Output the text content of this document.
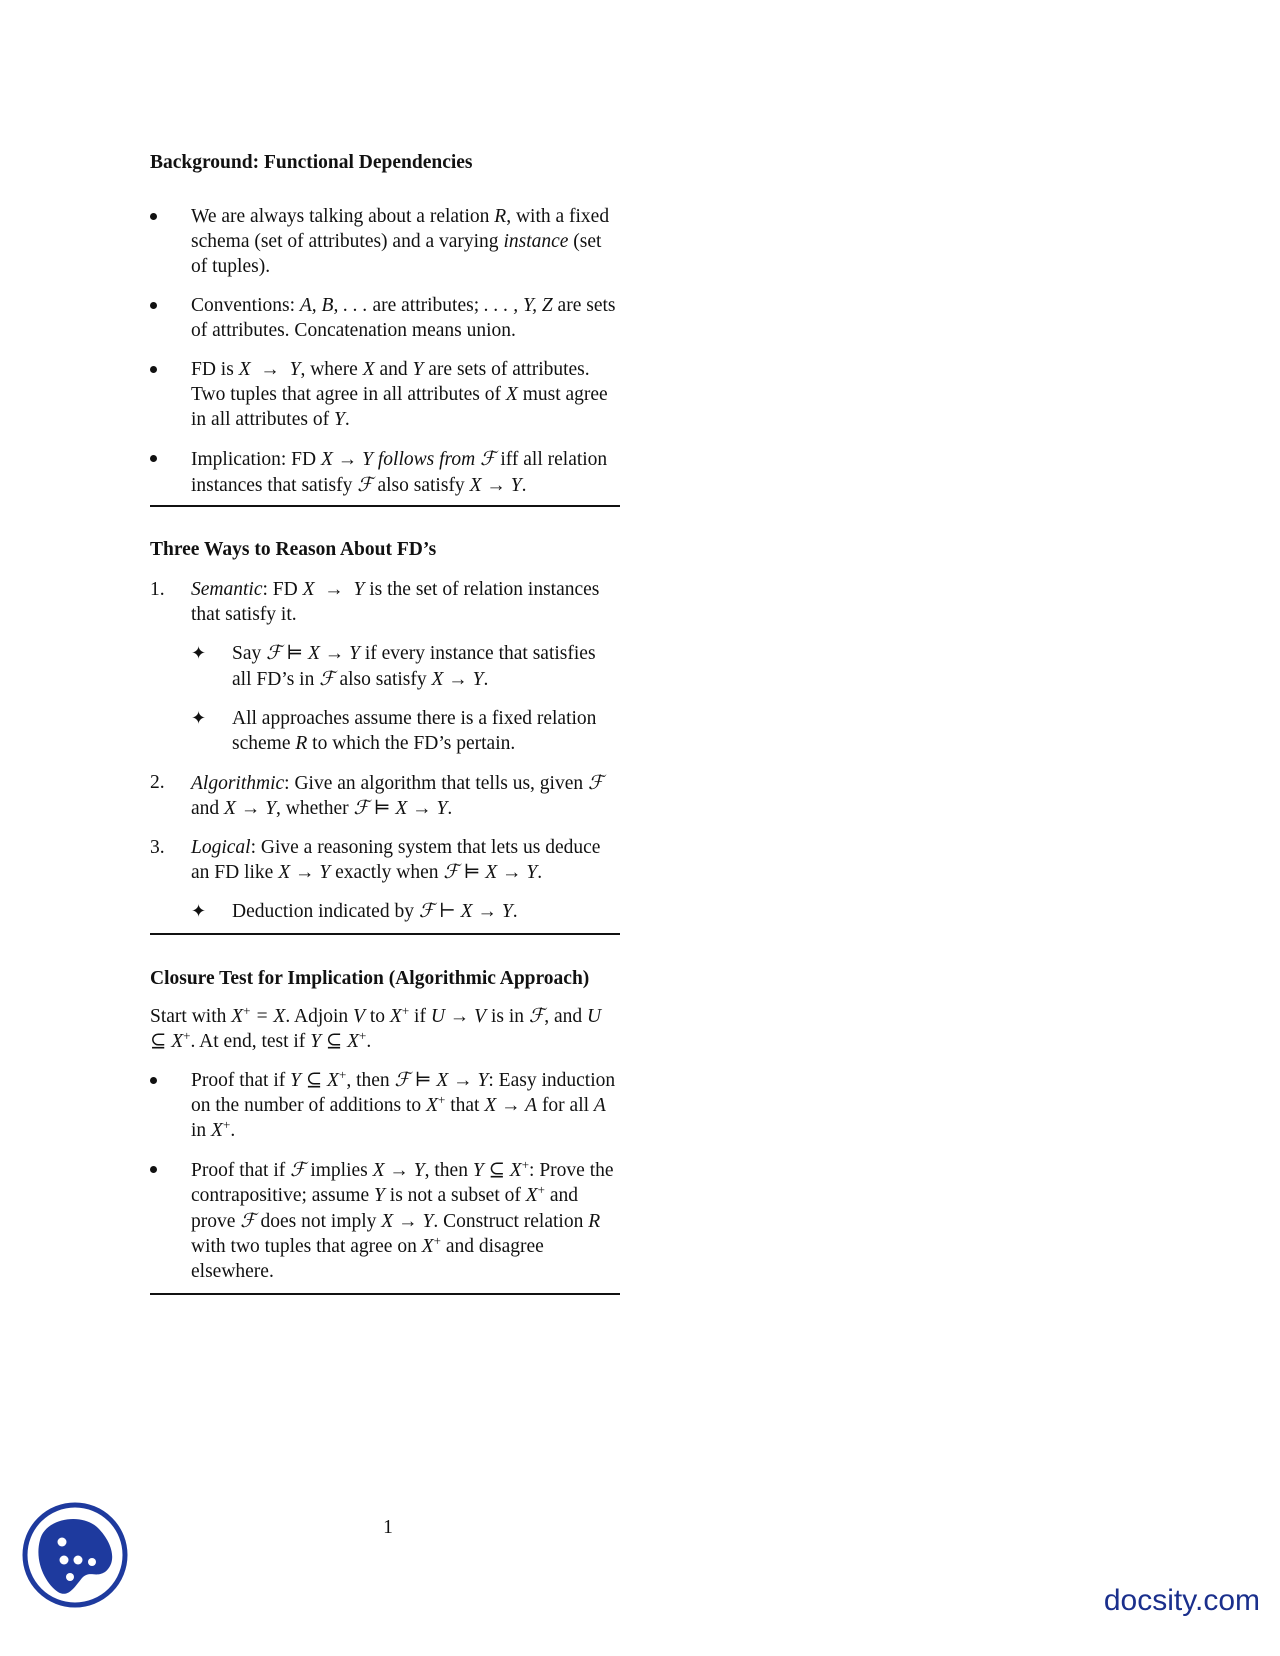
Background: Functional Dependencies
We are always talking about a relation R, with a fixed schema (set of attributes) and a varying instance (set of tuples).
Conventions: A, B, . . . are attributes; . . . , Y, Z are sets of attributes. Concatenation means union.
FD is X  →  Y, where X and Y are sets of attributes. Two tuples that agree in all attributes of X must agree in all attributes of Y.
Implication: FD X → Y follows from ℱ iff all relation instances that satisfy ℱ also satisfy X → Y.
Three Ways to Reason About FD’s
1. Semantic: FD X  →  Y is the set of relation instances that satisfy it.
✦ Say ℱ ⊨ X → Y if every instance that satisfies all FD’s in ℱ also satisfy X → Y.
✦ All approaches assume there is a fixed relation scheme R to which the FD’s pertain.
2. Algorithmic: Give an algorithm that tells us, given ℱ and X → Y, whether ℱ ⊨ X → Y.
3. Logical: Give a reasoning system that lets us deduce an FD like X → Y exactly when ℱ ⊨ X → Y.
✦ Deduction indicated by ℱ ⊢ X → Y.
Closure Test for Implication (Algorithmic Approach)

Start with X+ = X. Adjoin V to X+ if U → V is in ℱ, and U ⊆ X+. At end, test if Y ⊆ X+.

Proof that if Y ⊆ X+, then ℱ ⊨ X → Y: Easy induction on the number of additions to X+ that X → A for all A in X+.
Proof that if ℱ implies X → Y, then Y ⊆ X+: Prove the contrapositive; assume Y is not a subset of X+ and prove ℱ does not imply X → Y. Construct relation R with two tuples that agree on X+ and disagree elsewhere.
1
docsity.com
